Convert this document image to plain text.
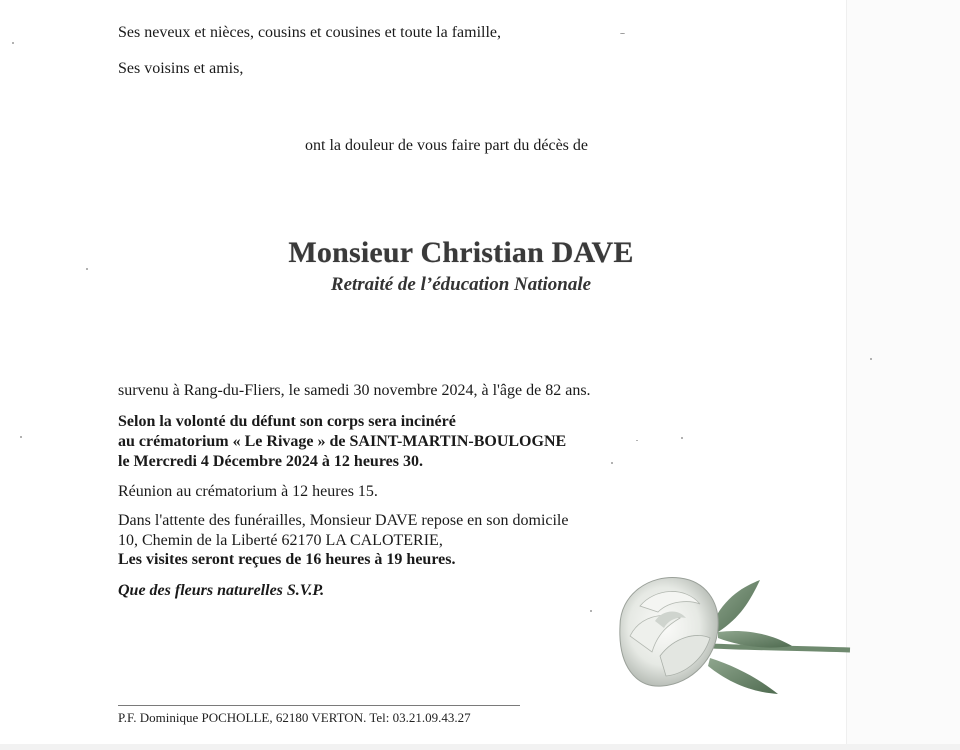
Ses neveux et nièces, cousins et cousines et toute la famille,
Ses voisins et amis,
ont la douleur de vous faire part du décès de
Monsieur Christian DAVE
Retraité de l’éducation Nationale
survenu à Rang-du-Fliers, le samedi 30 novembre 2024, à l'âge de 82 ans.
Selon la volonté du défunt son corps sera incinéré
au crématorium « Le Rivage » de SAINT-MARTIN-BOULOGNE
le Mercredi 4 Décembre 2024 à 12 heures 30.
Réunion au crématorium à 12 heures 15.
Dans l'attente des funérailles, Monsieur DAVE repose en son domicile
10, Chemin de la Liberté 62170 LA CALOTERIE,
Les visites seront reçues de 16 heures à 19 heures.
Que des fleurs naturelles S.V.P.
P.F. Dominique POCHOLLE, 62180 VERTON. Tel: 03.21.09.43.27
